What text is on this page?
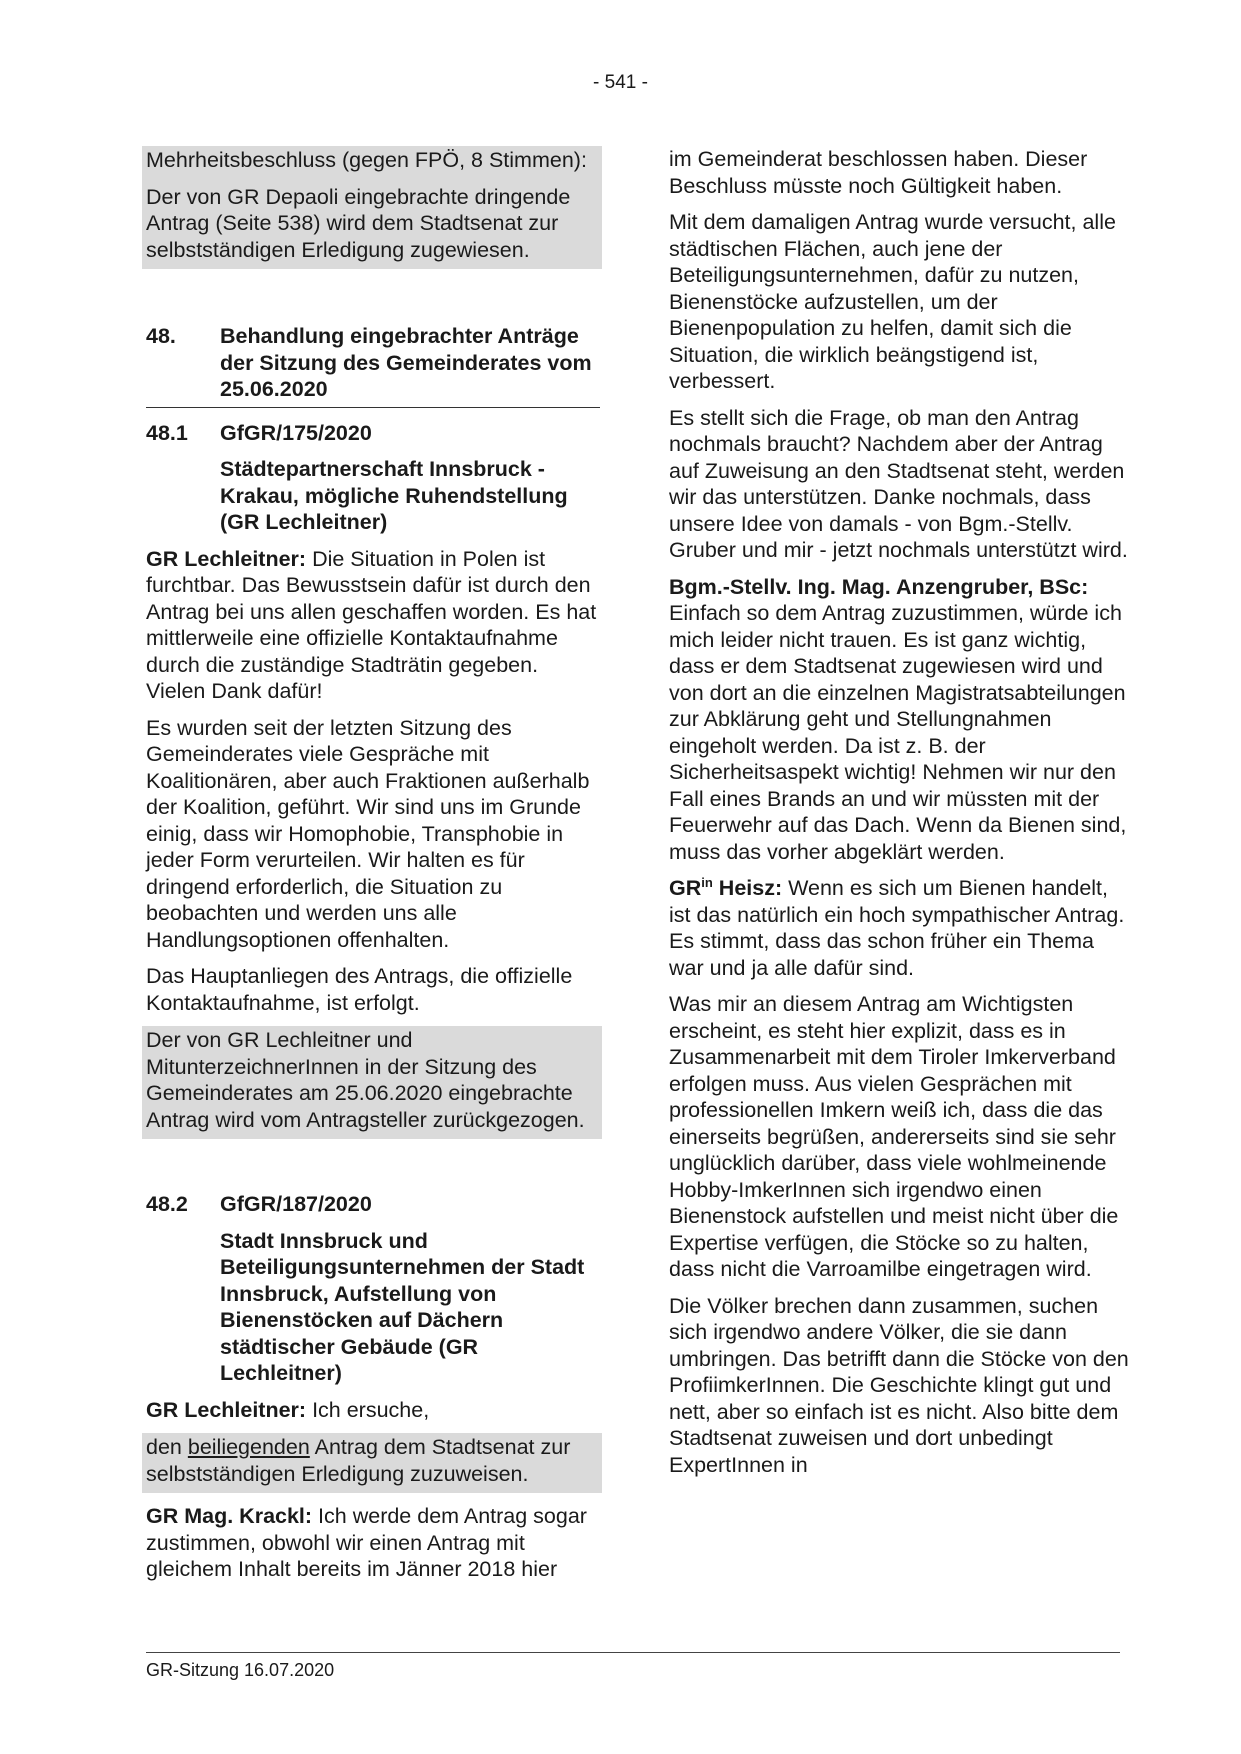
- 541 -

Mehrheitsbeschluss (gegen FPÖ, 8 Stimmen):

Der von GR Depaoli eingebrachte dringende Antrag (Seite 538) wird dem Stadtsenat zur selbstständigen Erledigung zugewiesen.

48.	Behandlung eingebrachter Anträge der Sitzung des Gemeinderates vom 25.06.2020
48.1	GfGR/175/2020

Städtepartnerschaft Innsbruck - Krakau, mögliche Ruhendstellung (GR Lechleitner)

GR Lechleitner: Die Situation in Polen ist furchtbar. Das Bewusstsein dafür ist durch den Antrag bei uns allen geschaffen worden. Es hat mittlerweile eine offizielle Kontaktaufnahme durch die zuständige Stadträtin gegeben. Vielen Dank dafür!

Es wurden seit der letzten Sitzung des Gemeinderates viele Gespräche mit Koalitionären, aber auch Fraktionen außerhalb der Koalition, geführt. Wir sind uns im Grunde einig, dass wir Homophobie, Transphobie in jeder Form verurteilen. Wir halten es für dringend erforderlich, die Situation zu beobachten und werden uns alle Handlungsoptionen offenhalten.

Das Hauptanliegen des Antrags, die offizielle Kontaktaufnahme, ist erfolgt.

Der von GR Lechleitner und MitunterzeichnerInnen in der Sitzung des Gemeinderates am 25.06.2020 eingebrachte Antrag wird vom Antragsteller zurückgezogen.

48.2	GfGR/187/2020

Stadt Innsbruck und Beteiligungsunternehmen der Stadt Innsbruck, Aufstellung von Bienenstöcken auf Dächern städtischer Gebäude (GR Lechleitner)

GR Lechleitner: Ich ersuche,

den beiliegenden Antrag dem Stadtsenat zur selbstständigen Erledigung zuzuweisen.

GR Mag. Krackl: Ich werde dem Antrag sogar zustimmen, obwohl wir einen Antrag mit gleichem Inhalt bereits im Jänner 2018 hier

im Gemeinderat beschlossen haben. Dieser Beschluss müsste noch Gültigkeit haben.

Mit dem damaligen Antrag wurde versucht, alle städtischen Flächen, auch jene der Beteiligungsunternehmen, dafür zu nutzen, Bienenstöcke aufzustellen, um der Bienenpopulation zu helfen, damit sich die Situation, die wirklich beängstigend ist, verbessert.

Es stellt sich die Frage, ob man den Antrag nochmals braucht? Nachdem aber der Antrag auf Zuweisung an den Stadtsenat steht, werden wir das unterstützen. Danke nochmals, dass unsere Idee von damals - von Bgm.-Stellv. Gruber und mir - jetzt nochmals unterstützt wird.

Bgm.-Stellv. Ing. Mag. Anzengruber, BSc: Einfach so dem Antrag zuzustimmen, würde ich mich leider nicht trauen. Es ist ganz wichtig, dass er dem Stadtsenat zugewiesen wird und von dort an die einzelnen Magistratsabteilungen zur Abklärung geht und Stellungnahmen eingeholt werden. Da ist z. B. der Sicherheitsaspekt wichtig! Nehmen wir nur den Fall eines Brands an und wir müssten mit der Feuerwehr auf das Dach. Wenn da Bienen sind, muss das vorher abgeklärt werden.

$GR^{in}$ Heisz: Wenn es sich um Bienen handelt, ist das natürlich ein hoch sympathischer Antrag. Es stimmt, dass das schon früher ein Thema war und ja alle dafür sind.

Was mir an diesem Antrag am Wichtigsten erscheint, es steht hier explizit, dass es in Zusammenarbeit mit dem Tiroler Imkerverband erfolgen muss. Aus vielen Gesprächen mit professionellen Imkern weiß ich, dass die das einerseits begrüßen, andererseits sind sie sehr unglücklich darüber, dass viele wohlmeinende Hobby-ImkerInnen sich irgendwo einen Bienenstock aufstellen und meist nicht über die Expertise verfügen, die Stöcke so zu halten, dass nicht die Varroamilbe eingetragen wird.

Die Völker brechen dann zusammen, suchen sich irgendwo andere Völker, die sie dann umbringen. Das betrifft dann die Stöcke von den ProfiimkerInnen. Die Geschichte klingt gut und nett, aber so einfach ist es nicht. Also bitte dem Stadtsenat zuweisen und dort unbedingt ExpertInnen in

GR-Sitzung 16.07.2020
